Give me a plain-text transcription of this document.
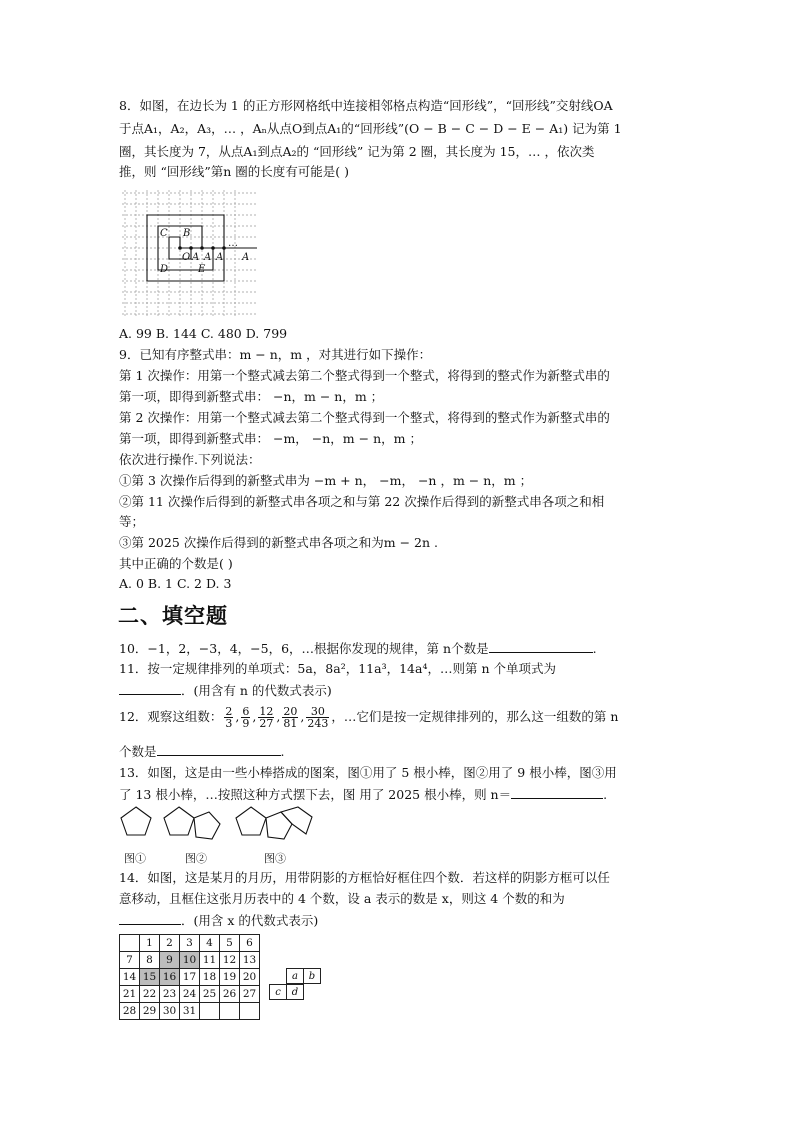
8．如图，在边长为 1 的正方形网格纸中连接相邻格点构造“回形线”，“回形线”交射线OA
于点A₁，A₂，A₃，… ，Aₙ从点O到点A₁的“回形线”(O − B − C − D − E − A₁) 记为第 1
圈，其长度为 7，从点A₁到点A₂的 “回形线” 记为第 2 圈，其长度为 15，… ，依次类
推，则 “回形线”第n 圈的长度有可能是( )
C B
O
D	E
A A A A
…
A. 99 B. 144 C. 480 D. 799
9．已知有序整式串：m − n，m ，对其进行如下操作：
第 1 次操作：用第一个整式减去第二个整式得到一个整式，将得到的整式作为新整式串的
第一项，即得到新整式串： −n，m − n，m ；
第 2 次操作：用第一个整式减去第二个整式得到一个整式，将得到的整式作为新整式串的
第一项，即得到新整式串： −m， −n，m − n，m ；
依次进行操作.下列说法：
①第 3 次操作后得到的新整式串为 −m + n， −m， −n ，m − n，m ；
②第 11 次操作后得到的新整式串各项之和与第 22 次操作后得到的新整式串各项之和相
等；
③第 2025 次操作后得到的新整式串各项之和为m − 2n .
其中正确的个数是( )
A. 0 B. 1 C. 2 D. 3
二、填空题
10．−1，2，−3，4，−5，6，…根据你发现的规律，第 n个数是	.
11．按一定规律排列的单项式：5a，8a²，11a³，14a⁴，…则第 n 个单项式为
．(用含有 n 的代数式表示)
12．观察这组数： $\frac{2}{3}$ , $\frac{6}{9}$ , $\frac{12}{27}$ , $\frac{20}{81}$ , $\frac{30}{243}$ ，…它们是按一定规律排列的，那么这一组数的第 n
个数是	.
13．如图，这是由一些小棒搭成的图案，图①用了 5 根小棒，图②用了 9 根小棒，图③用
了 13 根小棒，…按照这种方式摆下去，图 用了 2025 根小棒，则 n＝	.
图①	图②	图③
14．如图，这是某月的月历，用带阴影的方框恰好框住四个数．若这样的阴影方框可以任
意移动，且框住这张月历表中的 4 个数，设 a 表示的数是 x，则这 4 个数的和为
．(用含 x 的代数式表示)
	1	2	3	4	5	6
7	8	9	10	11	12	13
14	15	16	17	18	19	20
21	22	23	24	25	26	27
28	29	30	31			
a	b
c	d
